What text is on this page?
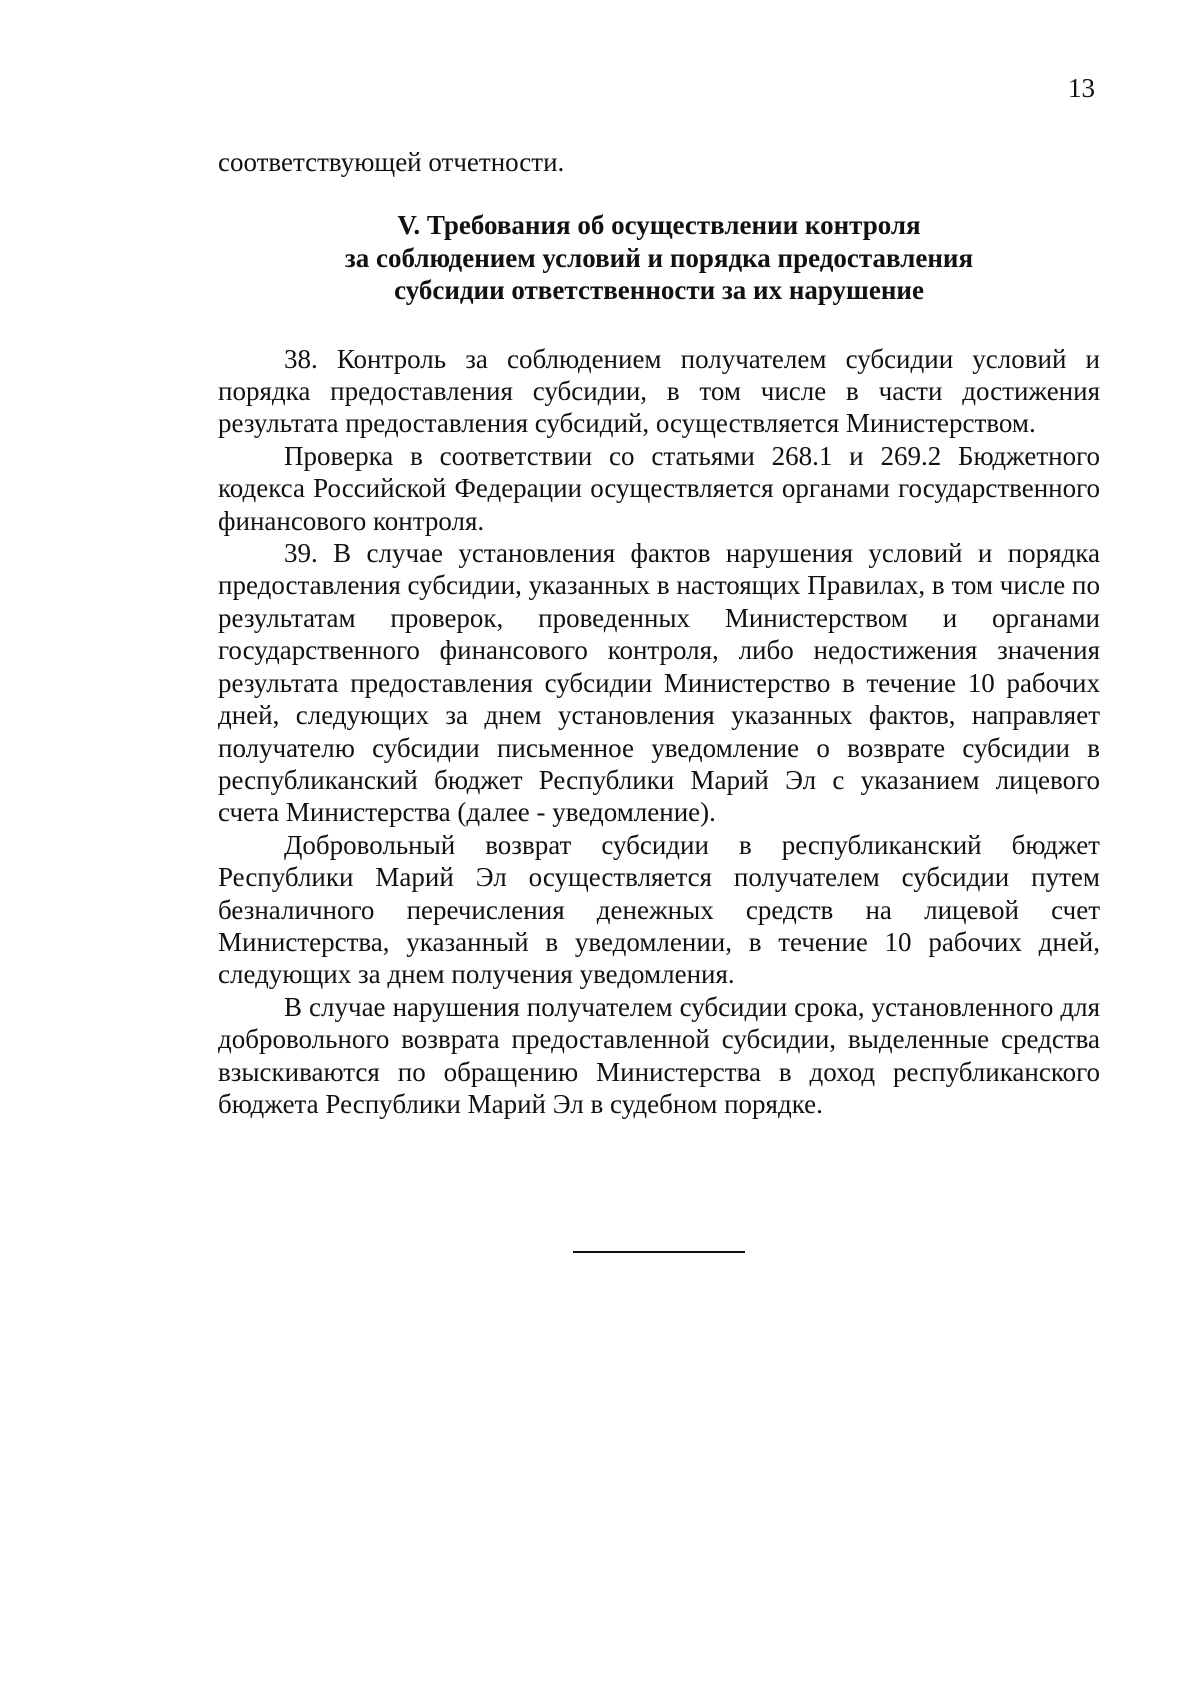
13

соответствующей отчетности.

V. Требования об осуществлении контроля
за соблюдением условий и порядка предоставления
субсидии ответственности за их нарушение

38. Контроль за соблюдением получателем субсидии условий и порядка предоставления субсидии, в том числе в части достижения результата предоставления субсидий, осуществляется Министерством.

Проверка в соответствии со статьями 268.1 и 269.2 Бюджетного кодекса Российской Федерации осуществляется органами государственного финансового контроля.

39. В случае установления фактов нарушения условий и порядка предоставления субсидии, указанных в настоящих Правилах, в том числе по результатам проверок, проведенных Министерством и органами государственного финансового контроля, либо недостижения значения результата предоставления субсидии Министерство в течение 10 рабочих дней, следующих за днем установления указанных фактов, направляет получателю субсидии письменное уведомление о возврате субсидии в республиканский бюджет Республики Марий Эл с указанием лицевого счета Министерства (далее - уведомление).

Добровольный возврат субсидии в республиканский бюджет Республики Марий Эл осуществляется получателем субсидии путем безналичного перечисления денежных средств на лицевой счет Министерства, указанный в уведомлении, в течение 10 рабочих дней, следующих за днем получения уведомления.

В случае нарушения получателем субсидии срока, установленного для добровольного возврата предоставленной субсидии, выделенные средства взыскиваются по обращению Министерства в доход республиканского бюджета Республики Марий Эл в судебном порядке.
